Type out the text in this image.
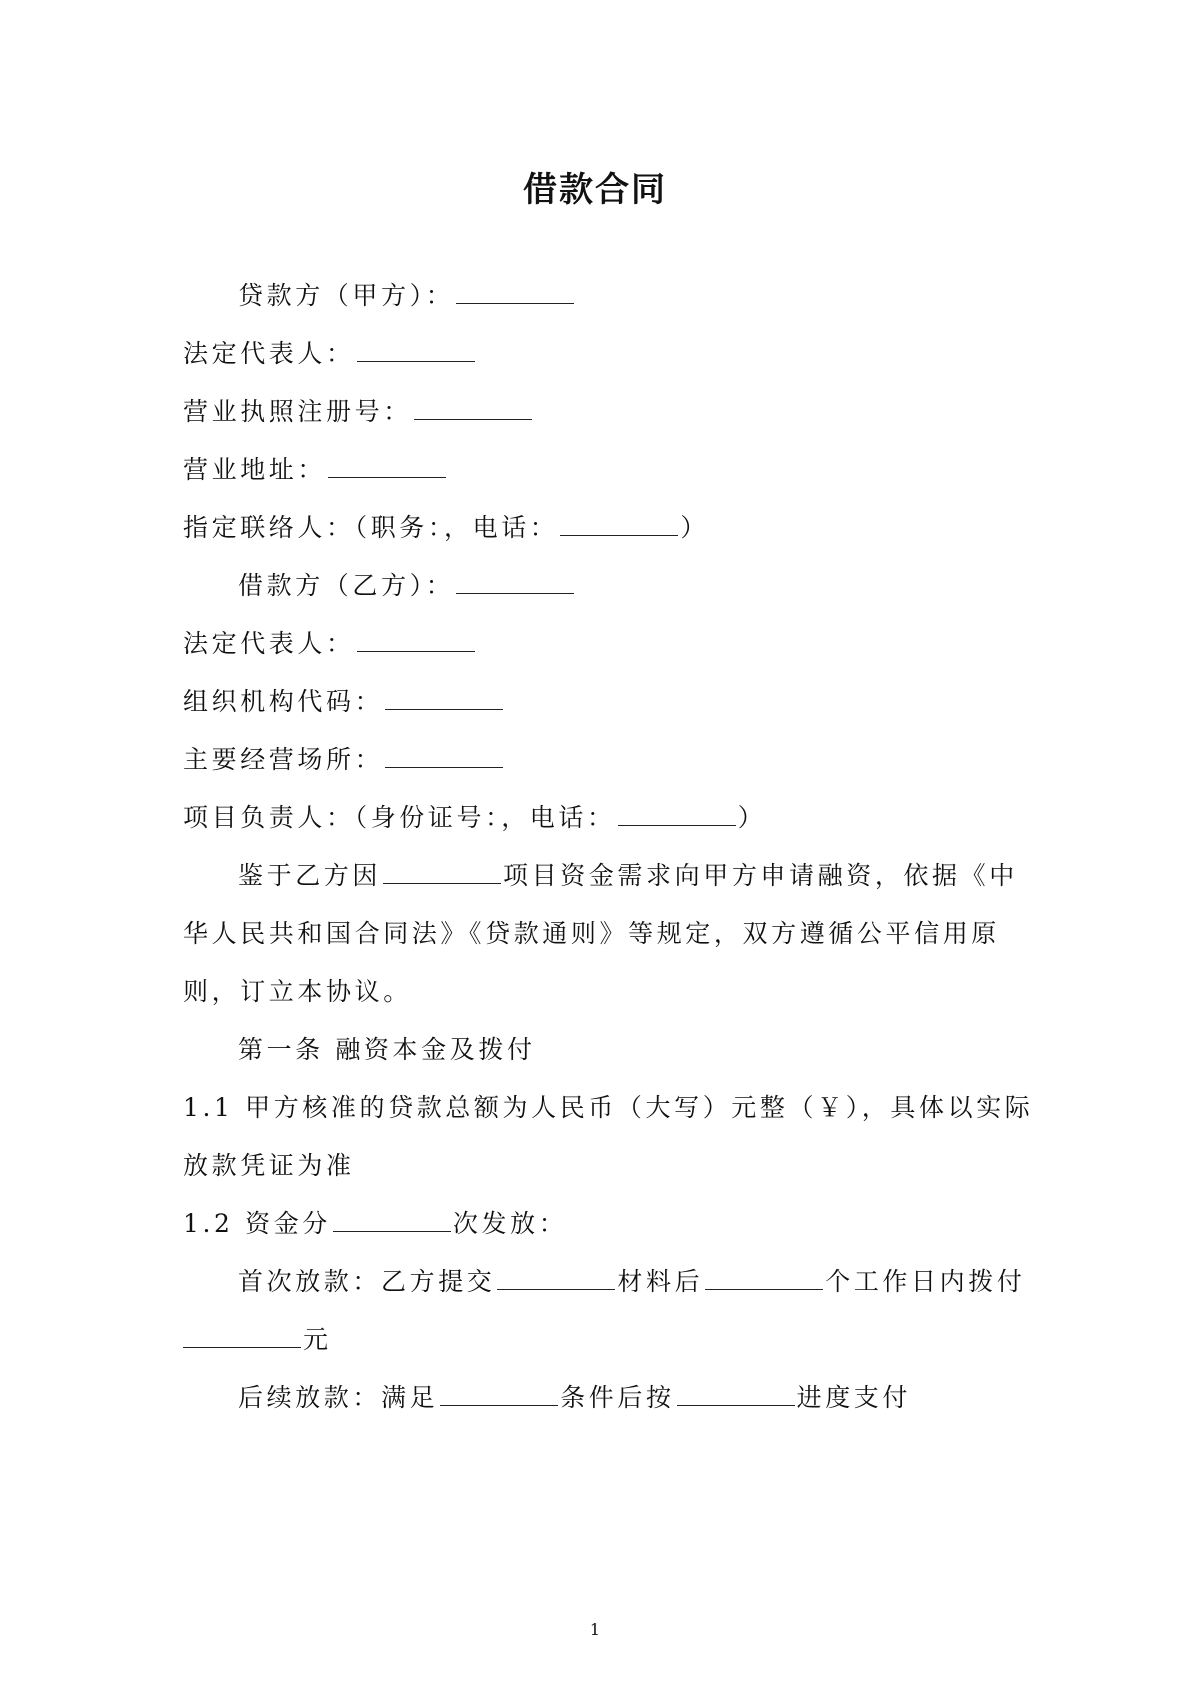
借款合同

贷款方（甲方）：

法定代表人：

营业执照注册号：

营业地址：

指定联络人：（职务：，电话：	）

借款方（乙方）：

法定代表人：

组织机构代码：

主要经营场所：

项目负责人：（身份证号：，电话：	）

鉴于乙方因	项目资金需求向甲方申请融资，依据《中

华人民共和国合同法》《贷款通则》等规定，双方遵循公平信用原

则，订立本协议。

第一条 融资本金及拨付

1.1 甲方核准的贷款总额为人民币（大写）元整（￥），具体以实际

放款凭证为准

1.2 资金分	次发放：

首次放款：乙方提交	材料后	个工作日内拨付

元

后续放款：满足	条件后按	进度支付

1
